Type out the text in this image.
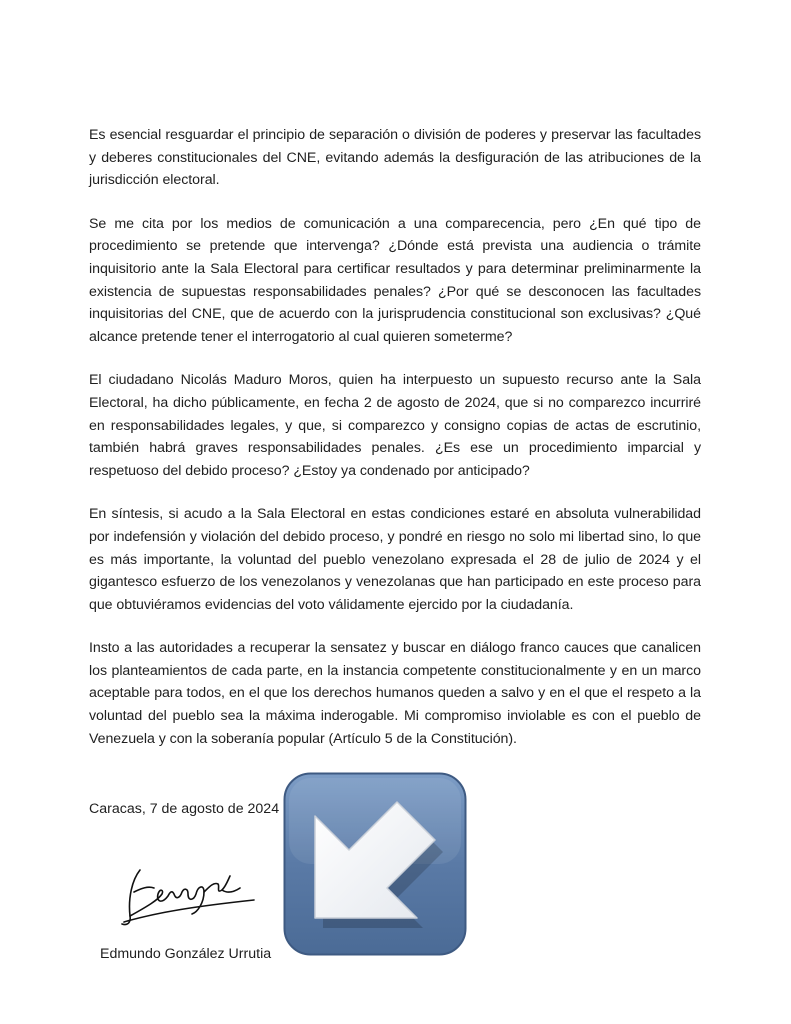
Es esencial resguardar el principio de separación o división de poderes y preservar las facultades y deberes constitucionales del CNE, evitando además la desfiguración de las atribuciones de la jurisdicción electoral.

Se me cita por los medios de comunicación a una comparecencia, pero ¿En qué tipo de procedimiento se pretende que intervenga? ¿Dónde está prevista una audiencia o trámite inquisitorio ante la Sala Electoral para certificar resultados y para determinar preliminarmente la existencia de supuestas responsabilidades penales? ¿Por qué se desconocen las facultades inquisitorias del CNE, que de acuerdo con la jurisprudencia constitucional son exclusivas? ¿Qué alcance pretende tener el interrogatorio al cual quieren someterme?

El ciudadano Nicolás Maduro Moros, quien ha interpuesto un supuesto recurso ante la Sala Electoral, ha dicho públicamente, en fecha 2 de agosto de 2024, que si no comparezco incurriré en responsabilidades legales, y que, si comparezco y consigno copias de actas de escrutinio, también habrá graves responsabilidades penales. ¿Es ese un procedimiento imparcial y respetuoso del debido proceso? ¿Estoy ya condenado por anticipado?

En síntesis, si acudo a la Sala Electoral en estas condiciones estaré en absoluta vulnerabilidad por indefensión y violación del debido proceso, y pondré en riesgo no solo mi libertad sino, lo que es más importante, la voluntad del pueblo venezolano expresada el 28 de julio de 2024 y el gigantesco esfuerzo de los venezolanos y venezolanas que han participado en este proceso para que obtuviéramos evidencias del voto válidamente ejercido por la ciudadanía.

Insto a las autoridades a recuperar la sensatez y buscar en diálogo franco cauces que canalicen los planteamientos de cada parte, en la instancia competente constitucionalmente y en un marco aceptable para todos, en el que los derechos humanos queden a salvo y en el que el respeto a la voluntad del pueblo sea la máxima inderogable. Mi compromiso inviolable es con el pueblo de Venezuela y con la soberanía popular (Artículo 5 de la Constitución).

Caracas, 7 de agosto de 2024

Edmundo González Urrutia
